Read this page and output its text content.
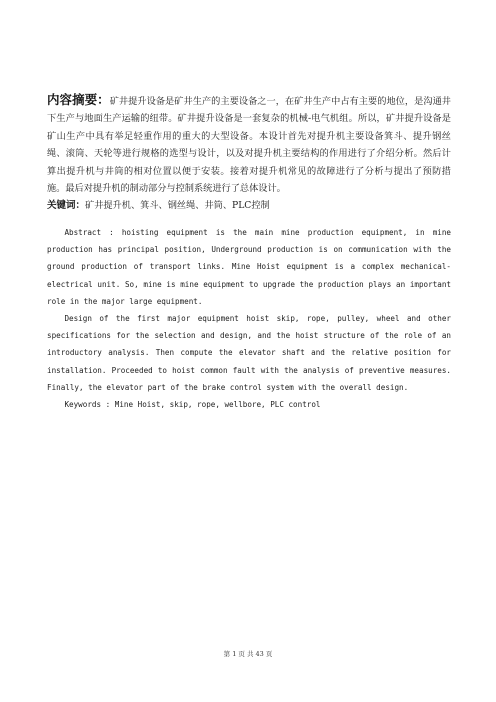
内容摘要：矿井提升设备是矿井生产的主要设备之一，在矿井生产中占有主要的地位，是沟通井下生产与地面生产运输的纽带。矿井提升设备是一套复杂的机械-电气机组。所以，矿井提升设备是矿山生产中具有举足轻重作用的重大的大型设备。本设计首先对提升机主要设备箕斗、提升钢丝绳、滚筒、天轮等进行规格的选型与设计，以及对提升机主要结构的作用进行了介绍分析。然后计算出提升机与井筒的相对位置以便于安装。接着对提升机常见的故障进行了分析与提出了预防措施。最后对提升机的制动部分与控制系统进行了总体设计。
关键词：矿井提升机、箕斗、钢丝绳、井筒、PLC控制

Abstract : hoisting equipment is the main mine production equipment, in mine production has principal position, Underground production is on communication with the ground production of transport links. Mine Hoist equipment is a complex mechanical-electrical unit. So, mine is mine equipment to upgrade the production plays an important role in the major large equipment.

Design of the first major equipment hoist skip, rope, pulley, wheel and other specifications for the selection and design, and the hoist structure of the role of an introductory analysis. Then compute the elevator shaft and the relative position for installation. Proceeded to hoist common fault with the analysis of preventive measures. Finally, the elevator part of the brake control system with the overall design.

Keywords : Mine Hoist, skip, rope, wellbore, PLC control

第 1 页 共 43 页
